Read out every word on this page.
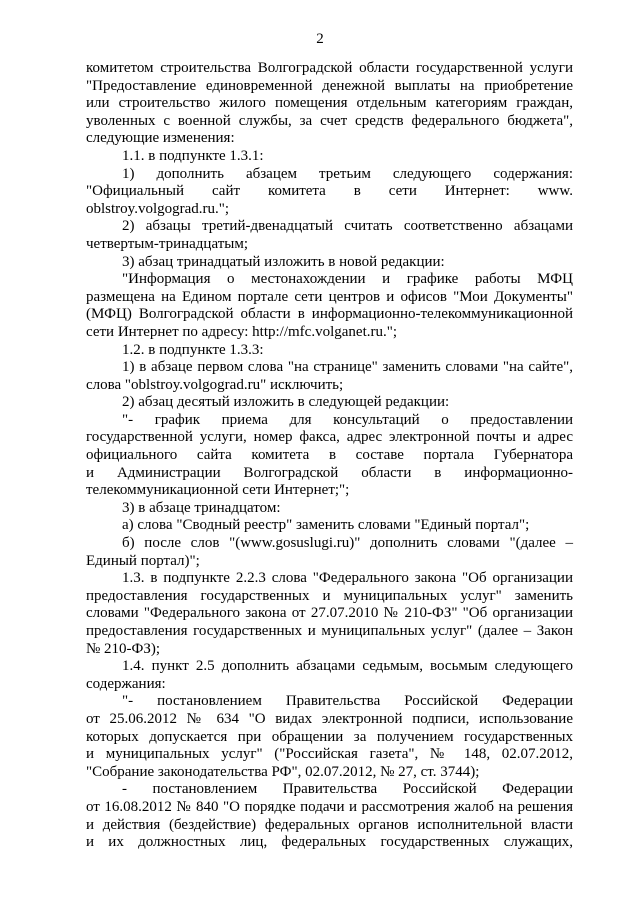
2
комитетом строительства Волгоградской области государственной услуги
"Предоставление единовременной денежной выплаты на приобретение
или строительство жилого помещения отдельным категориям граждан,
уволенных с военной службы, за счет средств федерального бюджета",
следующие изменения:
1.1. в подпункте 1.3.1:
1) дополнить абзацем третьим следующего содержания:
"Официальный сайт комитета в сети Интернет: www.
oblstroy.volgograd.ru.";
2) абзацы третий-двенадцатый считать соответственно абзацами
четвертым-тринадцатым;
3) абзац тринадцатый изложить в новой редакции:
"Информация о местонахождении и графике работы МФЦ
размещена на Едином портале сети центров и офисов "Мои Документы"
(МФЦ) Волгоградской области в информационно-телекоммуникационной
сети Интернет по адресу: http://mfc.volganet.ru.";
1.2. в подпункте 1.3.3:
1) в абзаце первом слова "на странице" заменить словами "на сайте",
слова "oblstroy.volgograd.ru" исключить;
2) абзац десятый изложить в следующей редакции:
"- график приема для консультаций о предоставлении
государственной услуги, номер факса, адрес электронной почты и адрес
официального сайта комитета в составе портала Губернатора
и Администрации Волгоградской области в информационно-
телекоммуникационной сети Интернет;";
3) в абзаце тринадцатом:
а) слова "Сводный реестр" заменить словами "Единый портал";
б) после слов "(www.gosuslugi.ru)" дополнить словами "(далее –
Единый портал)";
1.3. в подпункте 2.2.3 слова "Федерального закона "Об организации
предоставления государственных и муниципальных услуг" заменить
словами "Федерального закона от 27.07.2010 № 210-ФЗ" "Об организации
предоставления государственных и муниципальных услуг" (далее – Закон
№ 210-ФЗ);
1.4. пункт 2.5 дополнить абзацами седьмым, восьмым следующего
содержания:
"- постановлением Правительства Российской Федерации
от 25.06.2012 № 634 "О видах электронной подписи, использование
которых допускается при обращении за получением государственных
и муниципальных услуг" ("Российская газета", № 148, 02.07.2012,
"Собрание законодательства РФ", 02.07.2012, № 27, ст. 3744);
- постановлением Правительства Российской Федерации
от 16.08.2012 № 840 "О порядке подачи и рассмотрения жалоб на решения
и действия (бездействие) федеральных органов исполнительной власти
и их должностных лиц, федеральных государственных служащих,
